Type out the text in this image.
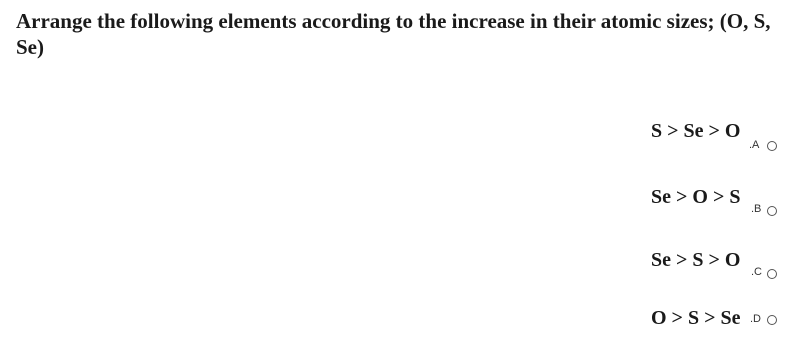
Arrange the following elements according to the increase in their atomic sizes; (O, S, Se)
S > Se > O
.A
Se > O > S
.B
Se > S > O
.C
O > S > Se .D
